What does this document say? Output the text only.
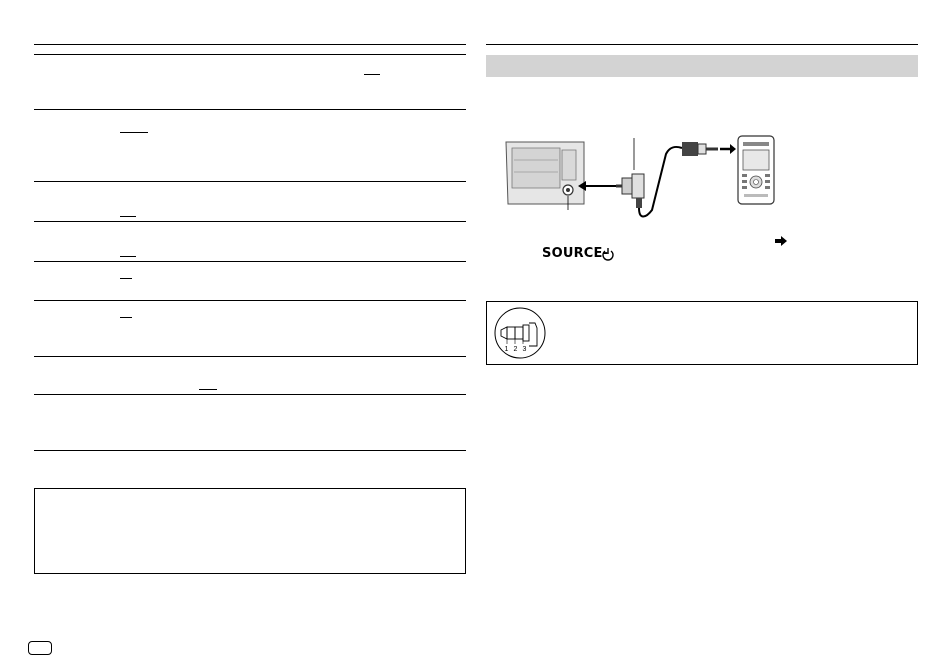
SOURCE-
1 2 3
